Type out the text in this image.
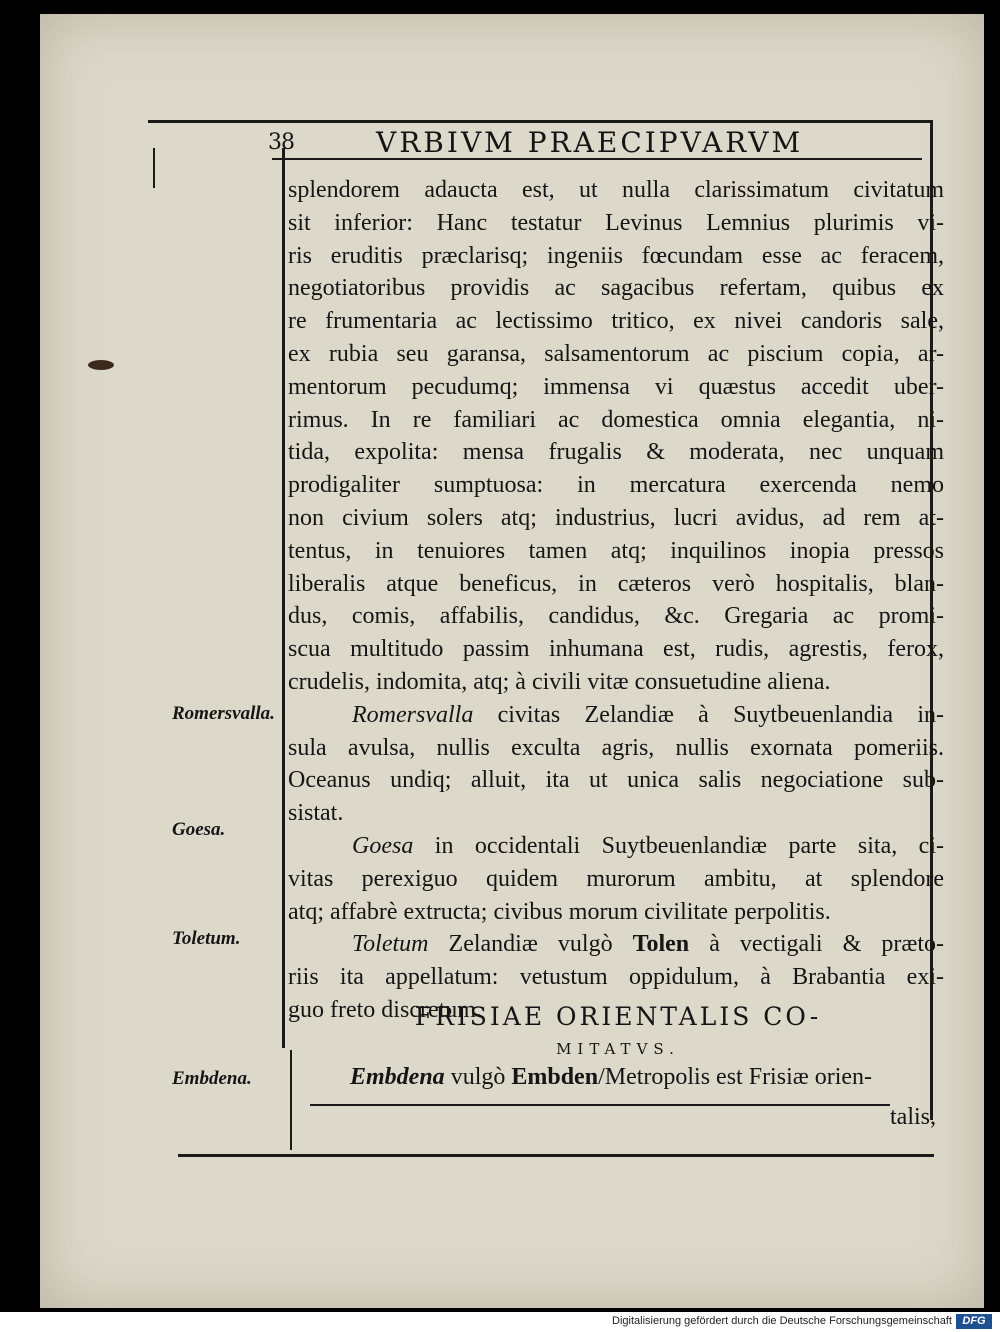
38	VRBIVM PRAECIPVARVM
splendorem adaucta est, ut nulla clarissimatum civitatum
sit inferior: Hanc testatur Levinus Lemnius plurimis vi-
ris eruditis præclarisq; ingeniis fœcundam esse ac feracem,
negotiatoribus providis ac sagacibus refertam, quibus ex
re frumentaria ac lectissimo tritico, ex nivei candoris sale,
ex rubia seu garansa, salsamentorum ac piscium copia, ar-
mentorum pecudumq; immensa vi quæstus accedit uber-
rimus. In re familiari ac domestica omnia elegantia, ni-
tida, expolita: mensa frugalis & moderata, nec unquam
prodigaliter sumptuosa: in mercatura exercenda nemo
non civium solers atq; industrius, lucri avidus, ad rem at-
tentus, in tenuiores tamen atq; inquilinos inopia pressos
liberalis atque beneficus, in cæteros verò hospitalis, blan-
dus, comis, affabilis, candidus, &c. Gregaria ac promi-
scua multitudo passim inhumana est, rudis, agrestis, ferox,
crudelis, indomita, atq; à civili vitæ consuetudine aliena.
Romersvalla civitas Zelandiæ à Suytbeuenlandia in-
sula avulsa, nullis exculta agris, nullis exornata pomeriis.
Oceanus undiq; alluit, ita ut unica salis negociatione sub-
sistat.
Goesa in occidentali Suytbeuenlandiæ parte sita, ci-
vitas perexiguo quidem murorum ambitu, at splendore
atq; affabrè extructa; civibus morum civilitate perpolitis.
Toletum Zelandiæ vulgò Tolen à vectigali & præto-
riis ita appellatum: vetustum oppidulum, à Brabantia exi-
guo freto discretum.
FRISIAE ORIENTALIS CO-
MITATVS.
Embdena vulgò Embden/Metropolis est Frisiæ orien-
talis,
Romersvalla.
Goesa.
Toletum.
Embdena.
Digitalisierung gefördert durch die Deutsche Forschungsgemeinschaft DFG
